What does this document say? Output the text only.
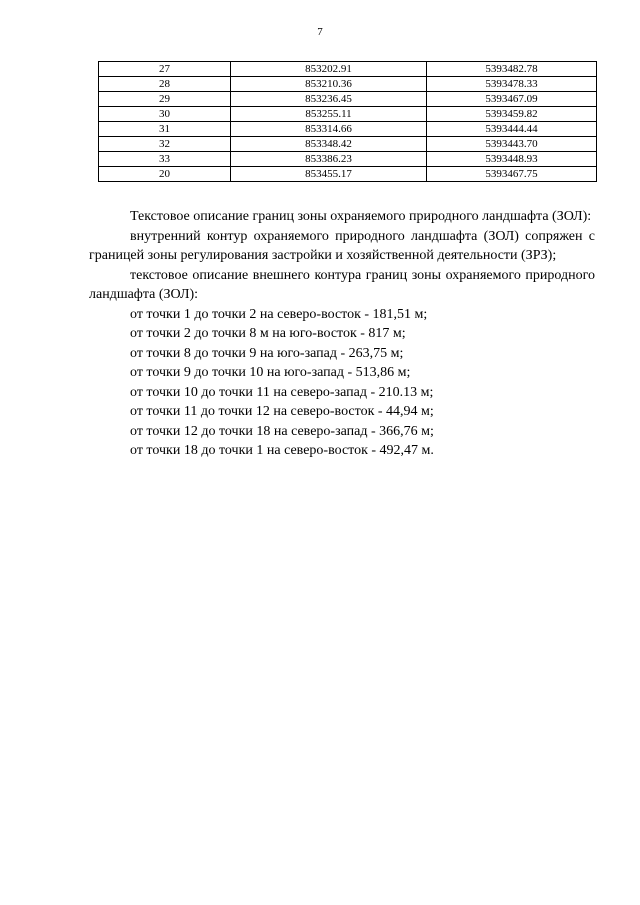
7
27	853202.91	5393482.78
28	853210.36	5393478.33
29	853236.45	5393467.09
30	853255.11	5393459.82
31	853314.66	5393444.44
32	853348.42	5393443.70
33	853386.23	5393448.93
20	853455.17	5393467.75

Текстовое описание границ зоны охраняемого природного ландшафта (ЗОЛ):

внутренний контур охраняемого природного ландшафта (ЗОЛ) сопряжен с границей зоны регулирования застройки и хозяйственной деятельности (ЗРЗ);

текстовое описание внешнего контура границ зоны охраняемого природного ландшафта (ЗОЛ):

от точки 1 до точки 2 на северо-восток - 181,51 м;

от точки 2 до точки 8 м на юго-восток - 817 м;

от точки 8 до точки 9 на юго-запад - 263,75 м;

от точки 9 до точки 10 на юго-запад - 513,86 м;

от точки 10 до точки 11 на северо-запад - 210.13 м;

от точки 11 до точки 12 на северо-восток - 44,94 м;

от точки 12 до точки 18 на северо-запад - 366,76 м;

от точки 18 до точки 1 на северо-восток - 492,47 м.
